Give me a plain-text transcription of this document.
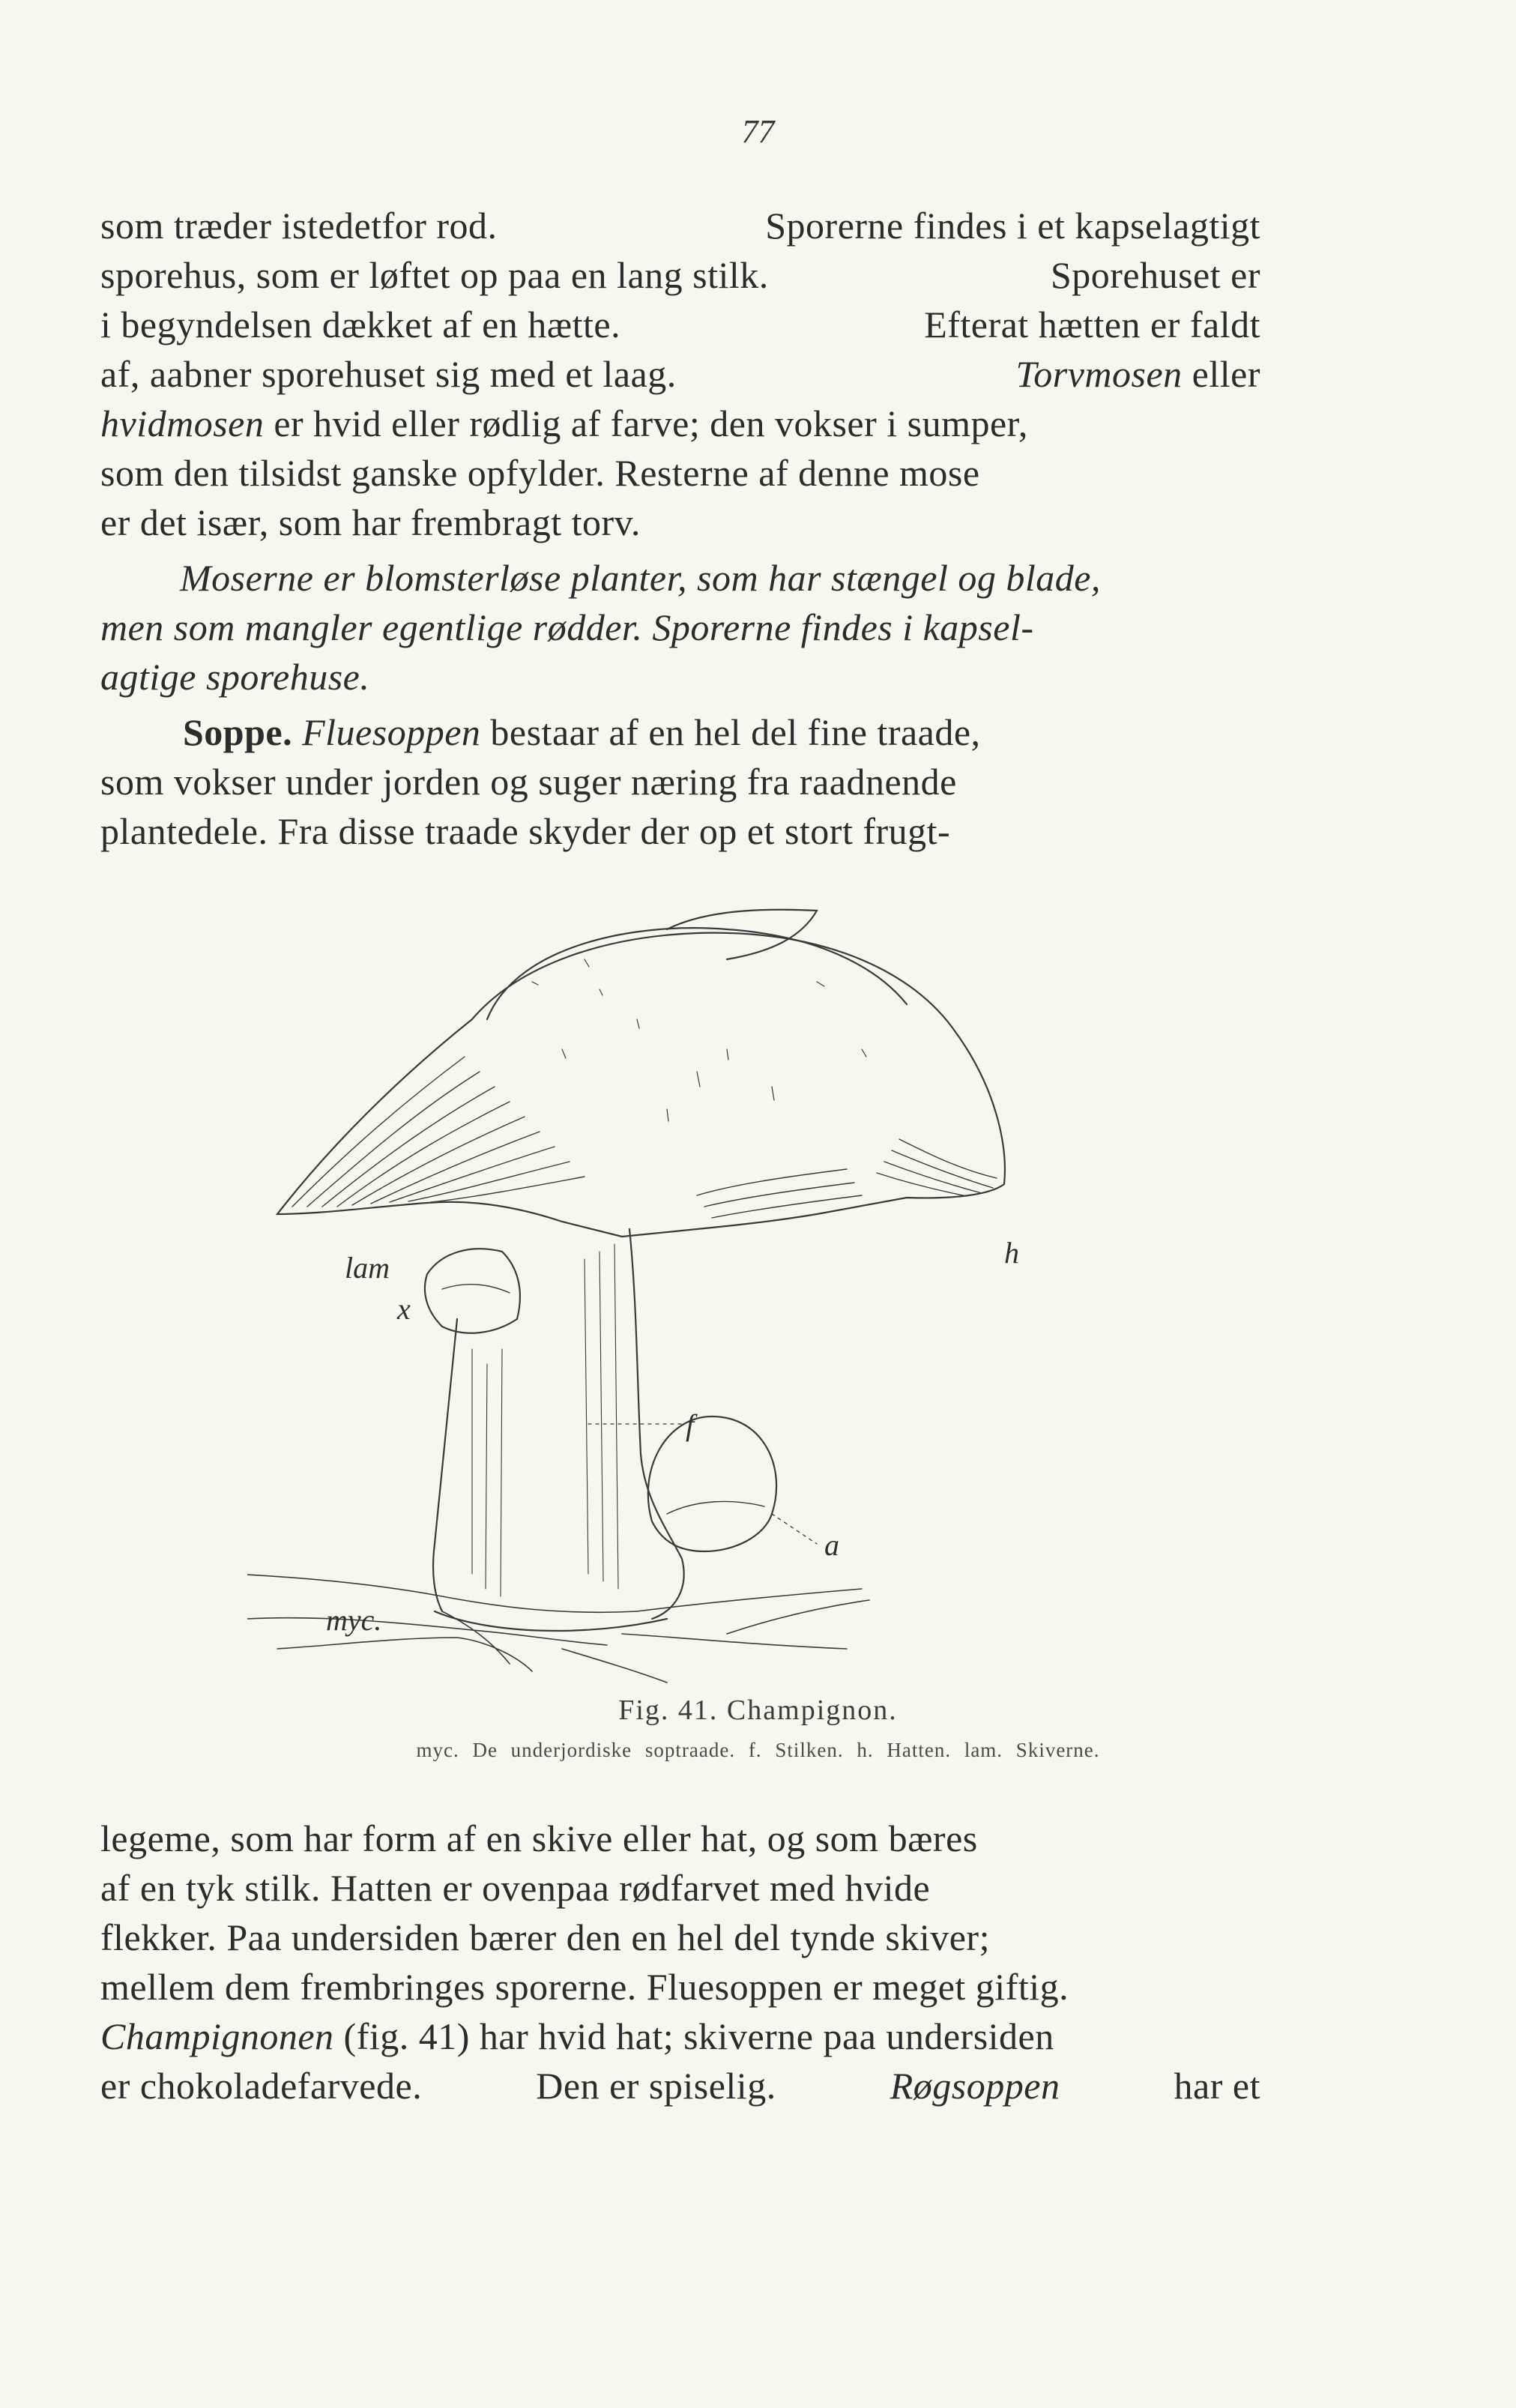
77
som træder istedetfor rod.	Sporerne findes i et kapselagtigt
sporehus, som er løftet op paa en lang stilk.	Sporehuset er
i begyndelsen dækket af en hætte.	Efterat hætten er faldt
af, aabner sporehuset sig med et laag.	Torvmosen eller
hvidmosen er hvid eller rødlig af farve; den vokser i sumper,
som den tilsidst ganske opfylder. Resterne af denne mose
er det især, som har frembragt torv.
Moserne er blomsterløse planter, som har stængel og blade,
men som mangler egentlige rødder. Sporerne findes i kapsel-
agtige sporehuse.
Soppe. Fluesoppen bestaar af en hel del fine traade,
som vokser under jorden og suger næring fra raadnende
plantedele. Fra disse traade skyder der op et stort frugt-
lam	h
x
f
a
myc.
Fig. 41. Champignon.
myc. De underjordiske soptraade. f. Stilken. h. Hatten. lam. Skiverne.
legeme, som har form af en skive eller hat, og som bæres
af en tyk stilk. Hatten er ovenpaa rødfarvet med hvide
flekker. Paa undersiden bærer den en hel del tynde skiver;
mellem dem frembringes sporerne. Fluesoppen er meget giftig.
Champignonen (fig. 41) har hvid hat; skiverne paa undersiden
er chokoladefarvede.	Den er spiselig.	Røgsoppen	har et
